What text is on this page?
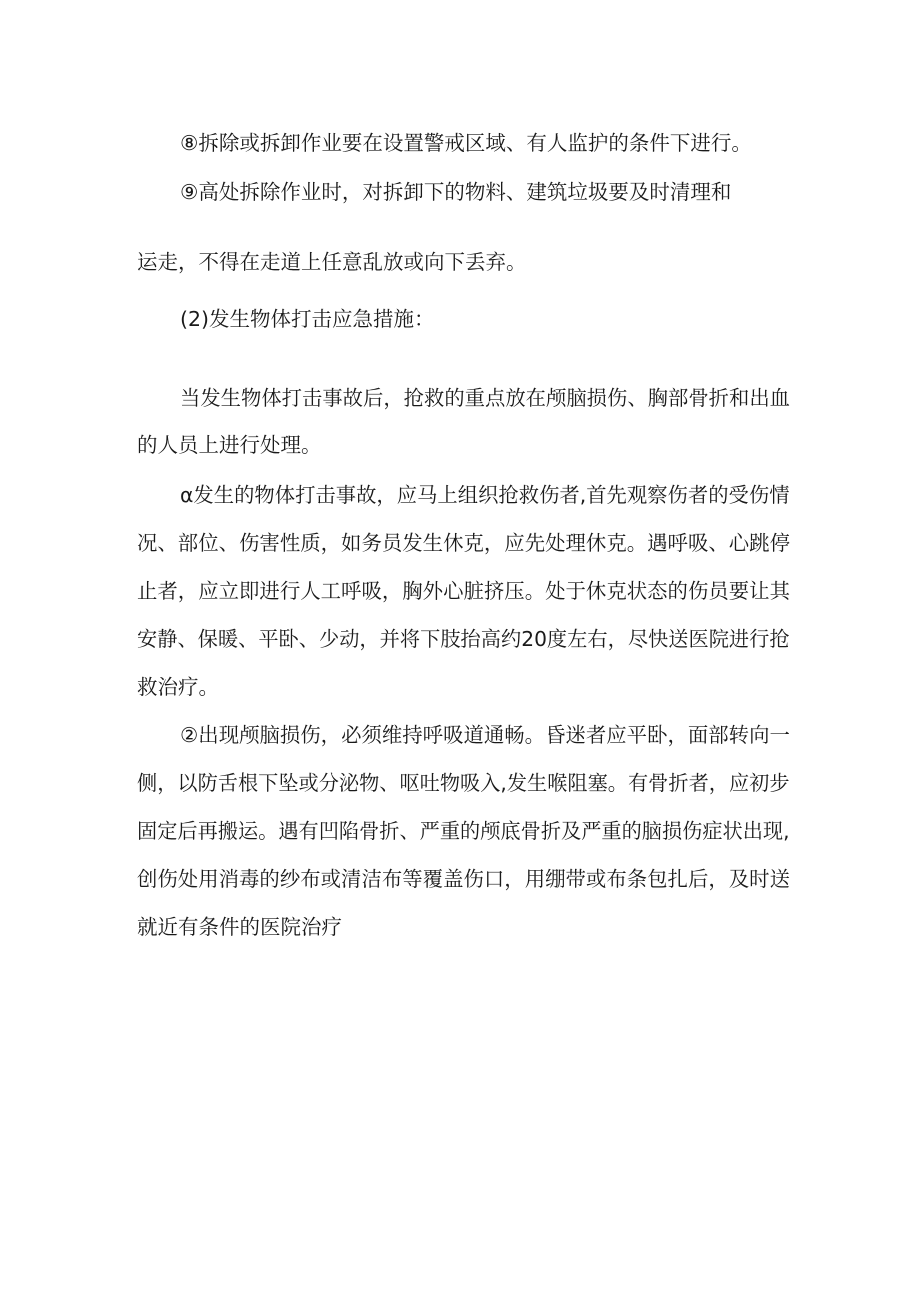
⑧拆除或拆卸作业要在设置警戒区域、有人监护的条件下进行。
⑨高处拆除作业时，对拆卸下的物料、建筑垃圾要及时清理和
运走，不得在走道上任意乱放或向下丢弃。
(2)发生物体打击应急措施：
当发生物体打击事故后，抢救的重点放在颅脑损伤、胸部骨折和出血
的人员上进行处理。
α发生的物体打击事故，应马上组织抢救伤者,首先观察伤者的受伤情
况、部位、伤害性质，如务员发生休克，应先处理休克。遇呼吸、心跳停
止者，应立即进行人工呼吸，胸外心脏挤压。处于休克状态的伤员要让其
安静、保暖、平卧、少动，并将下肢抬高约20度左右，尽快送医院进行抢
救治疗。
②出现颅脑损伤，必须维持呼吸道通畅。昏迷者应平卧，面部转向一
侧，以防舌根下坠或分泌物、呕吐物吸入,发生喉阻塞。有骨折者，应初步
固定后再搬运。遇有凹陷骨折、严重的颅底骨折及严重的脑损伤症状出现,
创伤处用消毒的纱布或清洁布等覆盖伤口，用绷带或布条包扎后，及时送
就近有条件的医院治疗
